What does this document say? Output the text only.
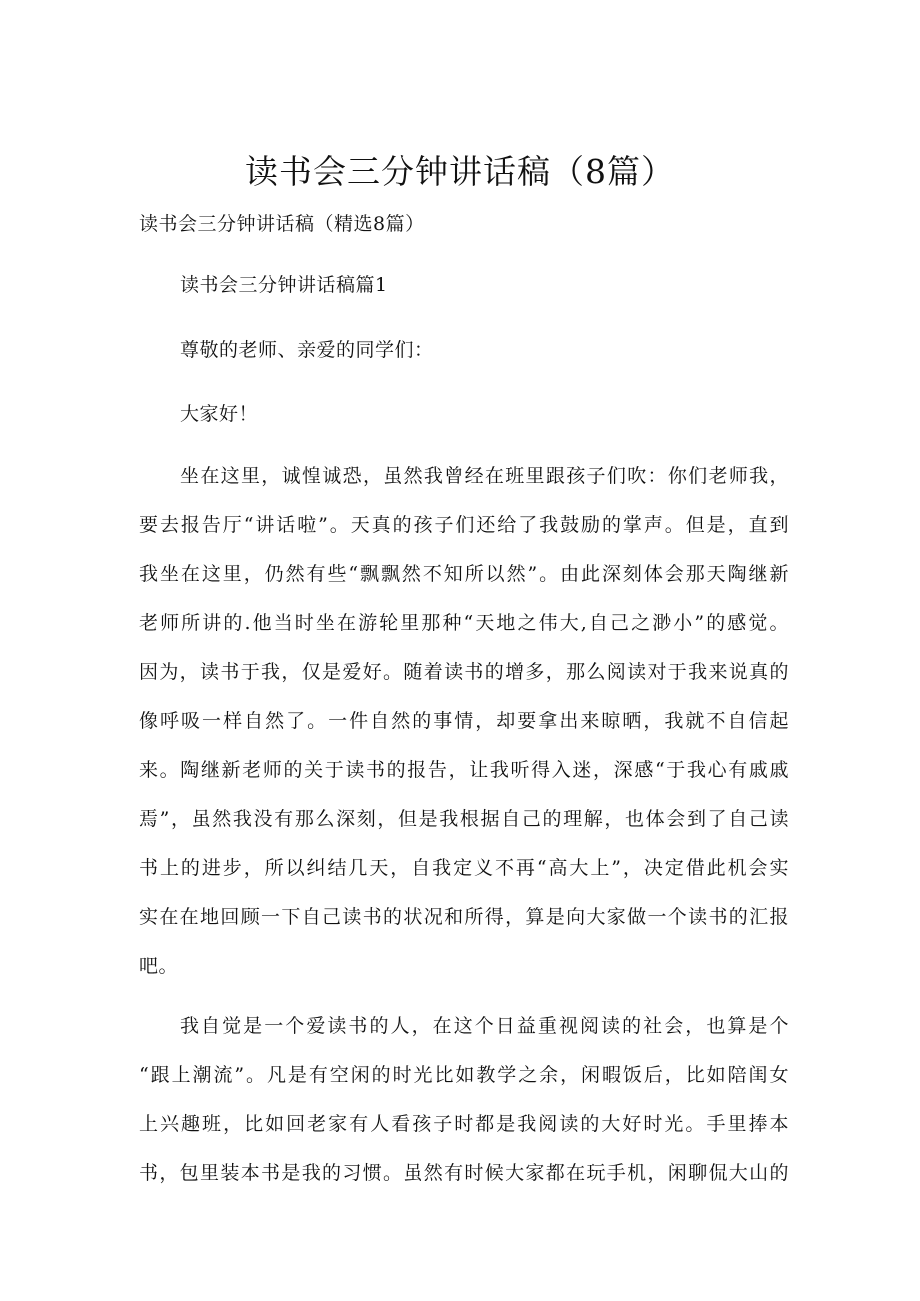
读书会三分钟讲话稿（8篇）
读书会三分钟讲话稿（精选8篇）
读书会三分钟讲话稿篇1
尊敬的老师、亲爱的同学们：
大家好！
坐在这里，诚惶诚恐，虽然我曾经在班里跟孩子们吹：你们老师我，
要去报告厅“讲话啦”。天真的孩子们还给了我鼓励的掌声。但是，直到
我坐在这里，仍然有些“飘飘然不知所以然”。由此深刻体会那天陶继新
老师所讲的.他当时坐在游轮里那种“天地之伟大,自己之渺小”的感觉。
因为，读书于我，仅是爱好。随着读书的增多，那么阅读对于我来说真的
像呼吸一样自然了。一件自然的事情，却要拿出来晾晒，我就不自信起
来。陶继新老师的关于读书的报告，让我听得入迷，深感“于我心有戚戚
焉”，虽然我没有那么深刻，但是我根据自己的理解，也体会到了自己读
书上的进步，所以纠结几天，自我定义不再“高大上”，决定借此机会实
实在在地回顾一下自己读书的状况和所得，算是向大家做一个读书的汇报
吧。
我自觉是一个爱读书的人，在这个日益重视阅读的社会，也算是个
“跟上潮流”。凡是有空闲的时光比如教学之余，闲暇饭后，比如陪闺女
上兴趣班，比如回老家有人看孩子时都是我阅读的大好时光。手里捧本
书，包里装本书是我的习惯。虽然有时候大家都在玩手机，闲聊侃大山的
